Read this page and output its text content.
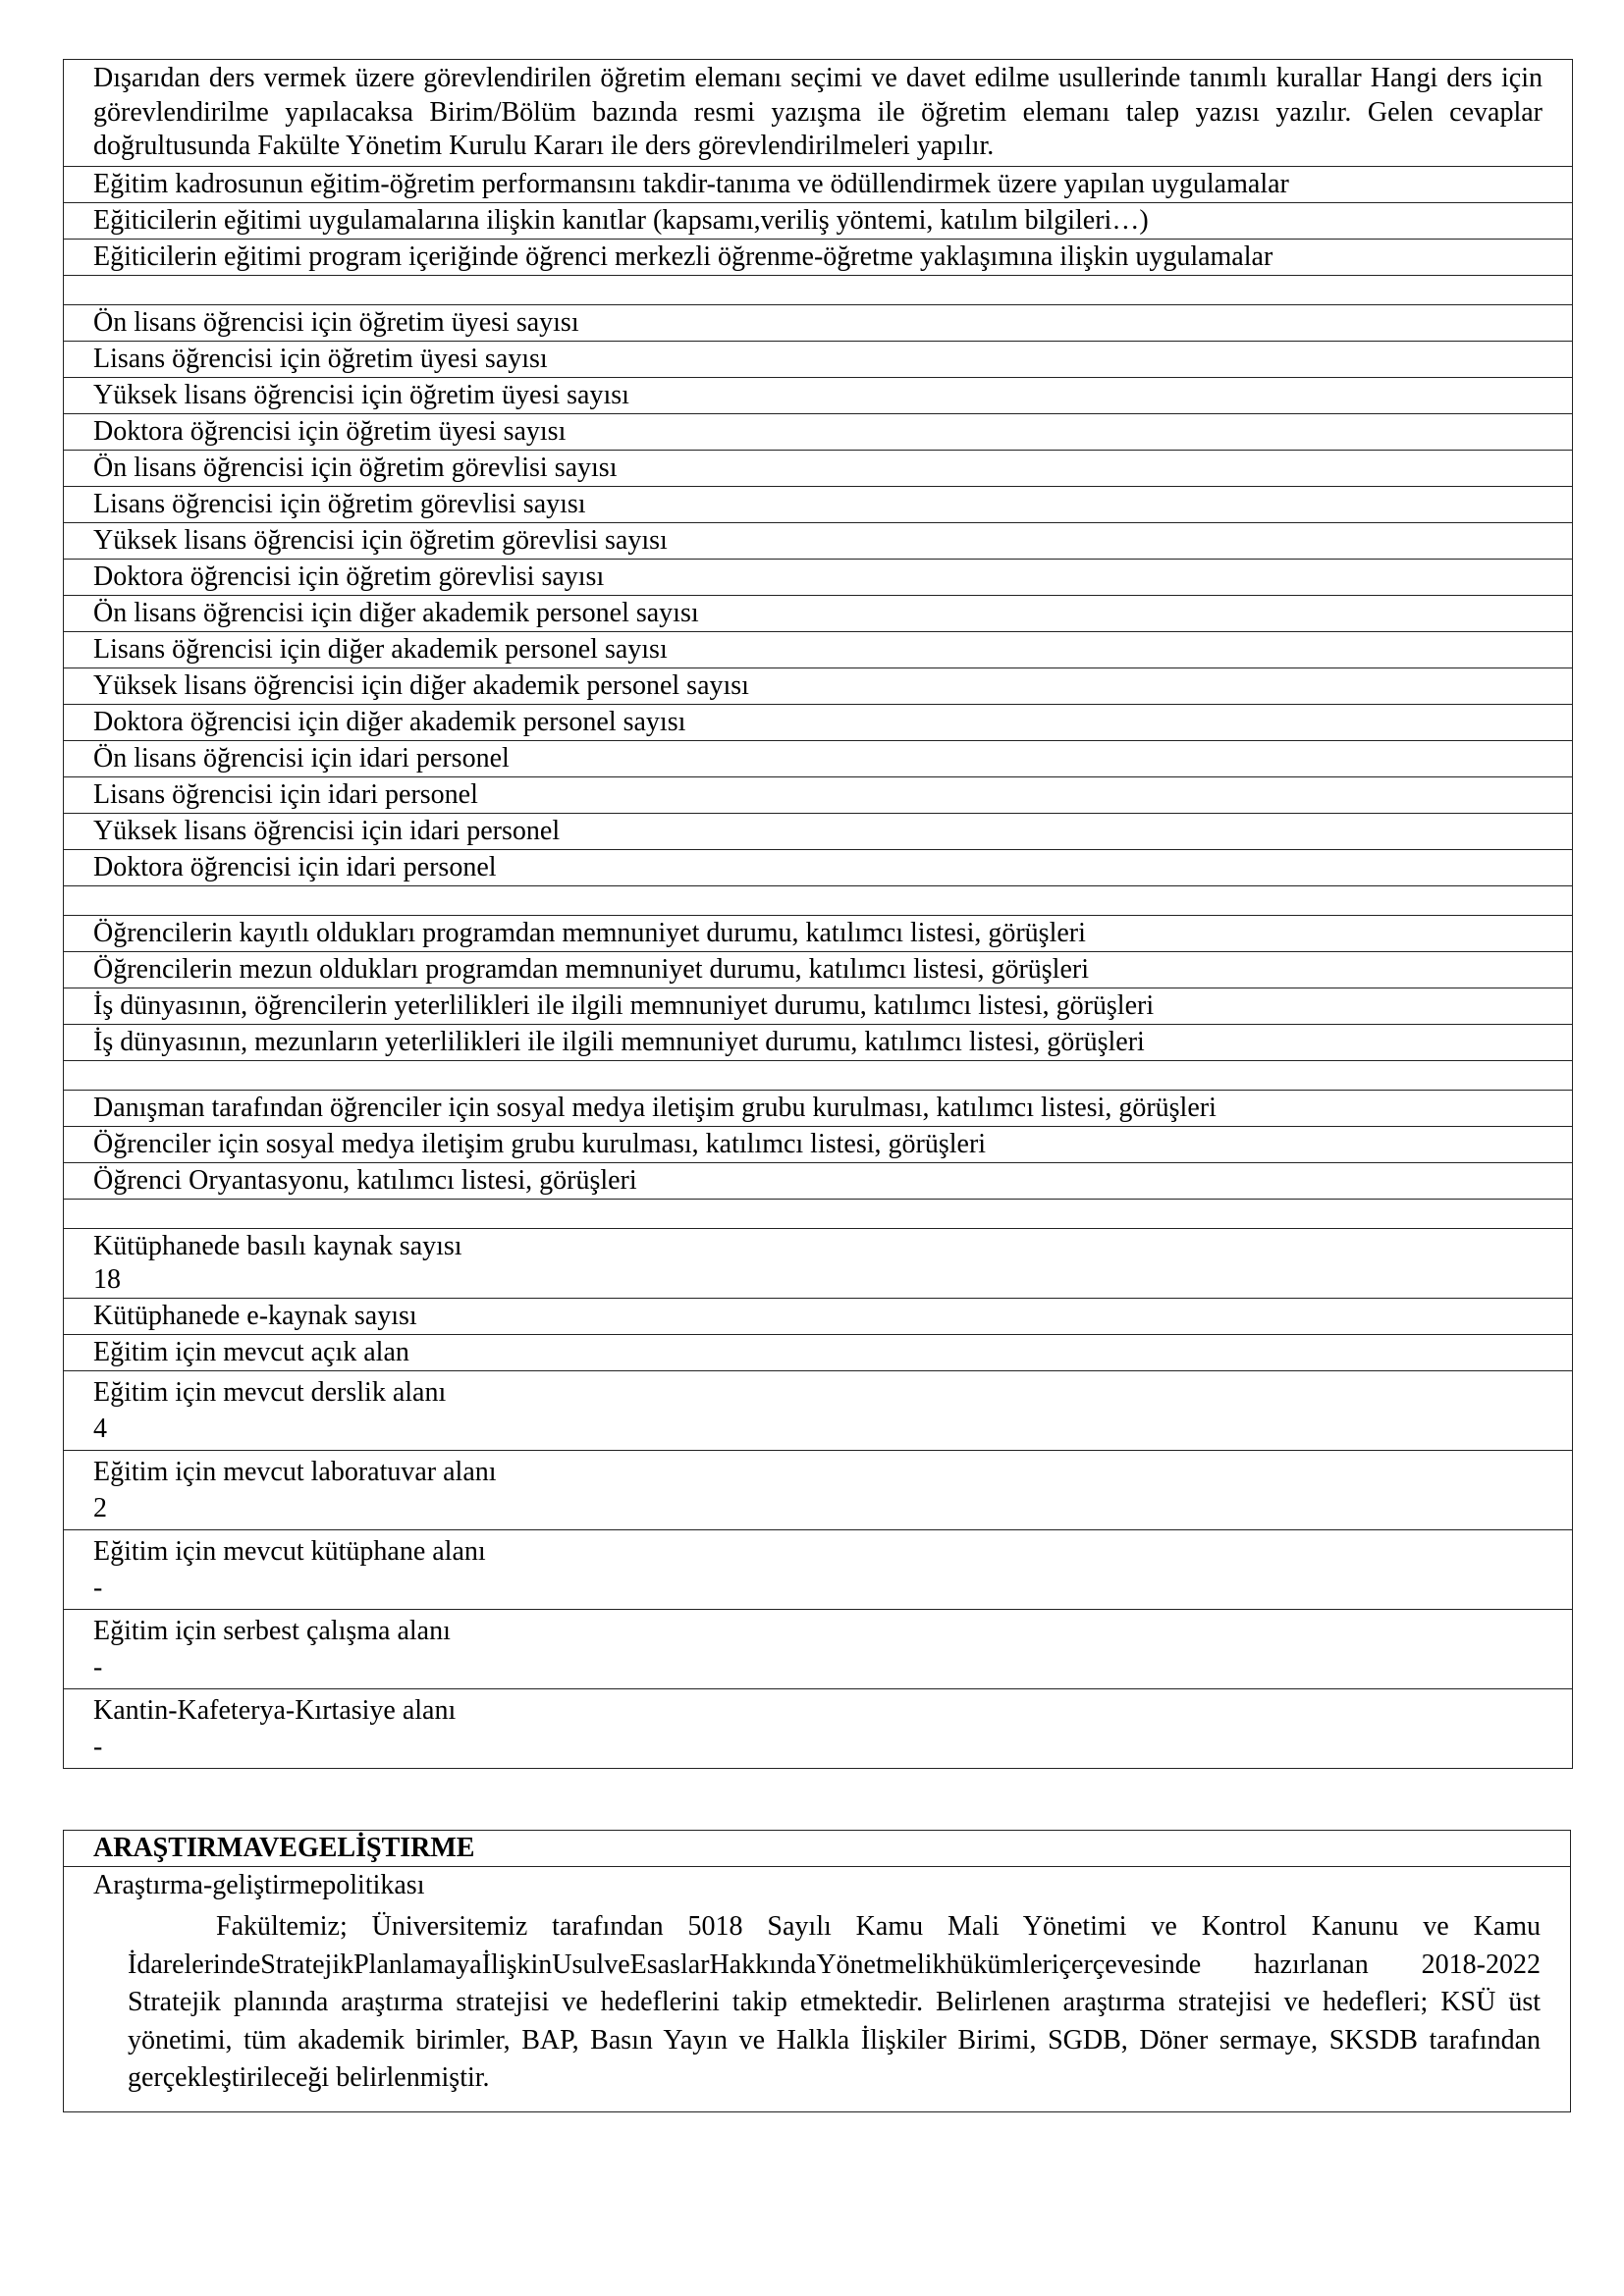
Dışarıdan ders vermek üzere görevlendirilen öğretim elemanı seçimi ve davet edilme usullerinde tanımlı kurallar Hangi ders için görevlendirilme yapılacaksa Birim/Bölüm bazında resmi yazışma ile öğretim elemanı talep yazısı yazılır. Gelen cevaplar doğrultusunda Fakülte Yönetim Kurulu Kararı ile ders görevlendirilmeleri yapılır.
Eğitim kadrosunun eğitim-öğretim performansını takdir-tanıma ve ödüllendirmek üzere yapılan uygulamalar
Eğiticilerin eğitimi uygulamalarına ilişkin kanıtlar (kapsamı,veriliş yöntemi, katılım bilgileri…)
Eğiticilerin eğitimi program içeriğinde öğrenci merkezli öğrenme-öğretme yaklaşımına ilişkin uygulamalar
Ön lisans öğrencisi için öğretim üyesi sayısı
Lisans öğrencisi için öğretim üyesi sayısı
Yüksek lisans öğrencisi için öğretim üyesi sayısı
Doktora öğrencisi için öğretim üyesi sayısı
Ön lisans öğrencisi için öğretim görevlisi sayısı
Lisans öğrencisi için öğretim görevlisi sayısı
Yüksek lisans öğrencisi için öğretim görevlisi sayısı
Doktora öğrencisi için öğretim görevlisi sayısı
Ön lisans öğrencisi için diğer akademik personel sayısı
Lisans öğrencisi için diğer akademik personel sayısı
Yüksek lisans öğrencisi için diğer akademik personel sayısı
Doktora öğrencisi için diğer akademik personel sayısı
Ön lisans öğrencisi için idari personel
Lisans öğrencisi için idari personel
Yüksek lisans öğrencisi için idari personel
Doktora öğrencisi için idari personel
Öğrencilerin kayıtlı oldukları programdan memnuniyet durumu, katılımcı listesi, görüşleri
Öğrencilerin mezun oldukları programdan memnuniyet durumu, katılımcı listesi, görüşleri
İş dünyasının, öğrencilerin yeterlilikleri ile ilgili memnuniyet durumu, katılımcı listesi, görüşleri
İş dünyasının, mezunların yeterlilikleri ile ilgili memnuniyet durumu, katılımcı listesi, görüşleri
Danışman tarafından öğrenciler için sosyal medya iletişim grubu kurulması, katılımcı listesi, görüşleri
Öğrenciler için sosyal medya iletişim grubu kurulması, katılımcı listesi, görüşleri
Öğrenci Oryantasyonu, katılımcı listesi, görüşleri
Kütüphanede basılı kaynak sayısı
18
Kütüphanede e-kaynak sayısı
Eğitim için mevcut açık alan
Eğitim için mevcut derslik alanı
4
Eğitim için mevcut laboratuvar alanı
2
Eğitim için mevcut kütüphane alanı
-
Eğitim için serbest çalışma alanı
-
Kantin-Kafeterya-Kırtasiye alanı
-
ARAŞTIRMAVEGELİŞTIRME
Araştırma-geliştirmepolitikası
Fakültemiz; Üniversitemiz tarafından 5018 Sayılı Kamu Mali Yönetimi ve Kontrol Kanunu ve Kamu İdarelerindeStratejikPlanlamayaİlişkinUsulveEsaslarHakkındaYönetmelikhükümleriçerçevesinde hazırlanan 2018-2022 Stratejik planında araştırma stratejisi ve hedeflerini takip etmektedir. Belirlenen araştırma stratejisi ve hedefleri; KSÜ üst yönetimi, tüm akademik birimler, BAP, Basın Yayın ve Halkla İlişkiler Birimi, SGDB, Döner sermaye, SKSDB tarafından gerçekleştirileceği belirlenmiştir.
